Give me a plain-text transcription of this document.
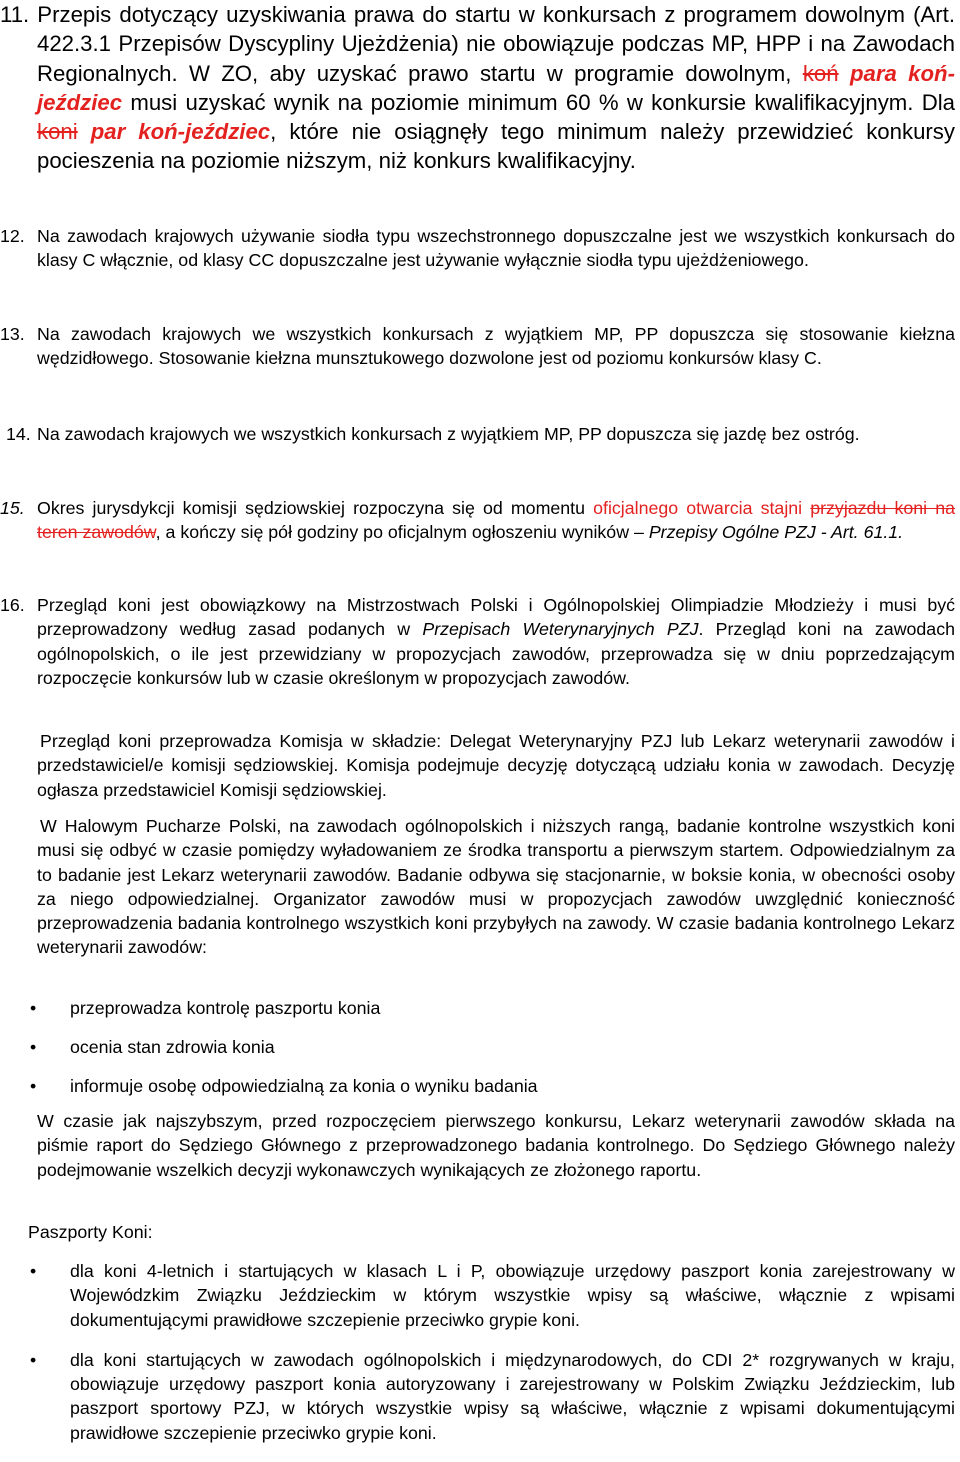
11. Przepis dotyczący uzyskiwania prawa do startu w konkursach z programem dowolnym (Art. 422.3.1 Przepisów Dyscypliny Ujeżdżenia) nie obowiązuje podczas MP, HPP i na Zawodach Regionalnych. W ZO, aby uzyskać prawo startu w programie dowolnym, koń para koń-jeździec musi uzyskać wynik na poziomie minimum 60 % w konkursie kwalifikacyjnym. Dla koni par koń-jeździec, które nie osiągnęły tego minimum należy przewidzieć konkursy pocieszenia na poziomie niższym, niż konkurs kwalifikacyjny.
12. Na zawodach krajowych używanie siodła typu wszechstronnego dopuszczalne jest we wszystkich konkursach do klasy C włącznie, od klasy CC dopuszczalne jest używanie wyłącznie siodła typu ujeżdżeniowego.
13. Na zawodach krajowych we wszystkich konkursach z wyjątkiem MP, PP dopuszcza się stosowanie kiełzna wędzidłowego. Stosowanie kiełzna munsztukowego dozwolone jest od poziomu konkursów klasy C.
14. Na zawodach krajowych we wszystkich konkursach z wyjątkiem MP, PP dopuszcza się jazdę bez ostróg.
15. Okres jurysdykcji komisji sędziowskiej rozpoczyna się od momentu oficjalnego otwarcia stajni przyjazdu koni na teren zawodów, a kończy się pół godziny po oficjalnym ogłoszeniu wyników – Przepisy Ogólne PZJ - Art. 61.1.
16. Przegląd koni jest obowiązkowy na Mistrzostwach Polski i Ogólnopolskiej Olimpiadzie Młodzieży i musi być przeprowadzony według zasad podanych w Przepisach Weterynaryjnych PZJ. Przegląd koni na zawodach ogólnopolskich, o ile jest przewidziany w propozycjach zawodów, przeprowadza się w dniu poprzedzającym rozpoczęcie konkursów lub w czasie określonym w propozycjach zawodów.
Przegląd koni przeprowadza Komisja w składzie: Delegat Weterynaryjny PZJ lub Lekarz weterynarii zawodów i przedstawiciel/e komisji sędziowskiej. Komisja podejmuje decyzję dotyczącą udziału konia w zawodach. Decyzję ogłasza przedstawiciel Komisji sędziowskiej.
W Halowym Pucharze Polski, na zawodach ogólnopolskich i niższych rangą, badanie kontrolne wszystkich koni musi się odbyć w czasie pomiędzy wyładowaniem ze środka transportu a pierwszym startem. Odpowiedzialnym za to badanie jest Lekarz weterynarii zawodów. Badanie odbywa się stacjonarnie, w boksie konia, w obecności osoby za niego odpowiedzialnej. Organizator zawodów musi w propozycjach zawodów uwzględnić konieczność przeprowadzenia badania kontrolnego wszystkich koni przybyłych na zawody. W czasie badania kontrolnego Lekarz weterynarii zawodów:
• przeprowadza kontrolę paszportu konia
• ocenia stan zdrowia konia
• informuje osobę odpowiedzialną za konia o wyniku badania
W czasie jak najszybszym, przed rozpoczęciem pierwszego konkursu, Lekarz weterynarii zawodów składa na piśmie raport do Sędziego Głównego z przeprowadzonego badania kontrolnego. Do Sędziego Głównego należy podejmowanie wszelkich decyzji wykonawczych wynikających ze złożonego raportu.
Paszporty Koni:
• dla koni 4-letnich i startujących w klasach L i P, obowiązuje urzędowy paszport konia zarejestrowany w Wojewódzkim Związku Jeździeckim w którym wszystkie wpisy są właściwe, włącznie z wpisami dokumentującymi prawidłowe szczepienie przeciwko grypie koni.
• dla koni startujących w zawodach ogólnopolskich i międzynarodowych, do CDI 2* rozgrywanych w kraju, obowiązuje urzędowy paszport konia autoryzowany i zarejestrowany w Polskim Związku Jeździeckim, lub paszport sportowy PZJ, w których wszystkie wpisy są właściwe, włącznie z wpisami dokumentującymi prawidłowe szczepienie przeciwko grypie koni.
